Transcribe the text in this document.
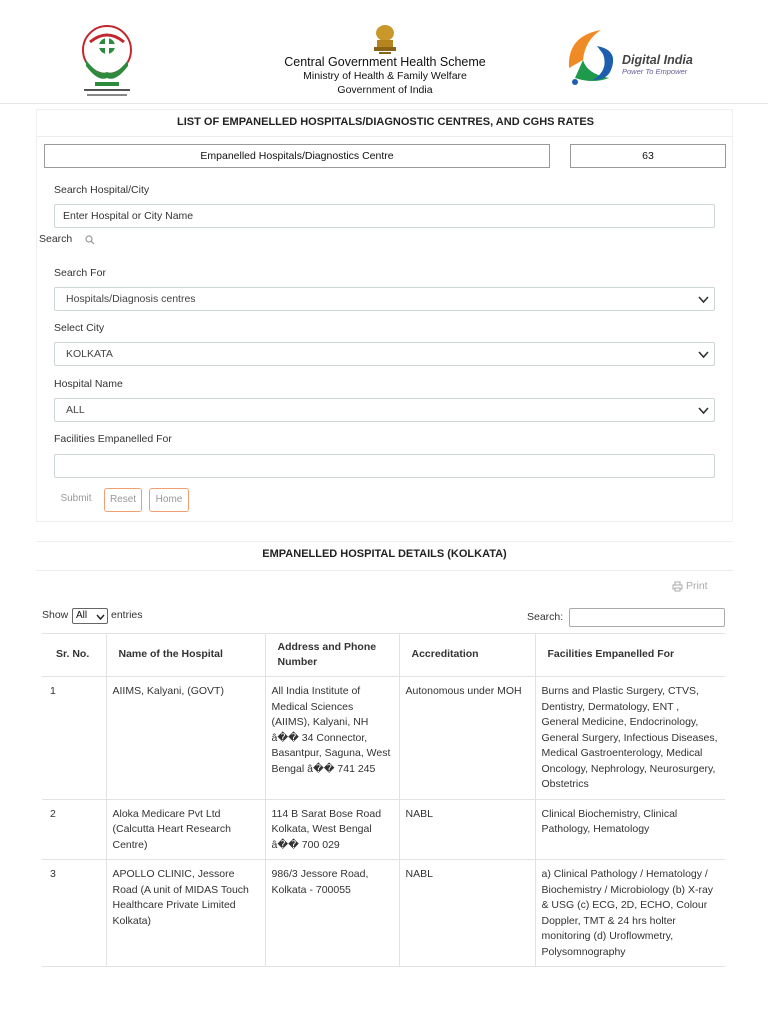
Central Government Health Scheme
Ministry of Health & Family Welfare
Government of India
Digital India
Power To Empower
LIST OF EMPANELLED HOSPITALS/DIAGNOSTIC CENTRES, AND CGHS RATES
Empanelled Hospitals/Diagnostics Centre	63
Search Hospital/City
Enter Hospital or City Name
Search
Search For
Hospitals/Diagnosis centres
Select City
KOLKATA
Hospital Name
ALL
Facilities Empanelled For
Submit	Reset	Home
EMPANELLED HOSPITAL DETAILS (KOLKATA)
Print
Show All	entries	Search:
Sr. No.	Name of the Hospital	Address and Phone Number	Accreditation	Facilities Empanelled For
1	AIIMS, Kalyani, (GOVT)	All India Institute of Medical Sciences (AIIMS), Kalyani, NH â�� 34 Connector, Basantpur, Saguna, West Bengal â�� 741 245	Autonomous under MOH	Burns and Plastic Surgery, CTVS, Dentistry, Dermatology, ENT , General Medicine, Endocrinology, General Surgery, Infectious Diseases, Medical Gastroenterology, Medical Oncology, Nephrology, Neurosurgery, Obstetrics
2	Aloka Medicare Pvt Ltd (Calcutta Heart Research Centre)	114 B Sarat Bose Road Kolkata, West Bengal â�� 700 029	NABL	Clinical Biochemistry, Clinical Pathology, Hematology
3	APOLLO CLINIC, Jessore Road (A unit of MIDAS Touch Healthcare Private Limited Kolkata)	986/3 Jessore Road, Kolkata - 700055	NABL	a) Clinical Pathology / Hematology / Biochemistry / Microbiology (b) X-ray & USG (c) ECG, 2D, ECHO, Colour Doppler, TMT & 24 hrs holter monitoring (d) Uroflowmetry, Polysomnography
